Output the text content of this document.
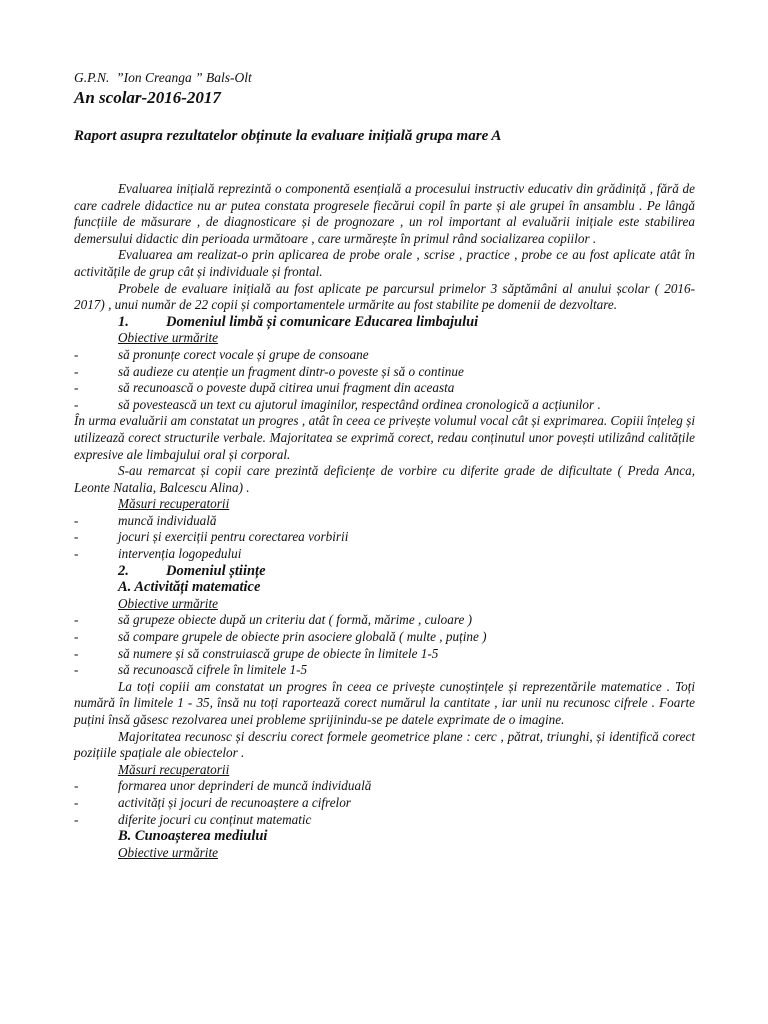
G.P.N.  ”Ion Creanga ” Bals-Olt
An scolar-2016-2017
Raport asupra rezultatelor obținute la evaluare inițială grupa mare A

Evaluarea inițială reprezintă o componentă esențială a procesului instructiv educativ din grădiniță , fără de care cadrele didactice nu ar putea constata progresele fiecărui copil în parte și ale grupei în ansamblu . Pe lângă funcțiile de măsurare , de diagnosticare și de prognozare , un rol important al evaluării inițiale este stabilirea demersului didactic din perioada următoare , care urmărește în primul rând socializarea copiilor .

Evaluarea am realizat-o prin aplicarea de probe orale , scrise , practice , probe ce au fost aplicate atât în activitățile de grup cât și individuale și frontal.

Probele de evaluare inițială au fost aplicate pe parcursul primelor 3 săptămâni al anului școlar ( 2016-2017) , unui număr de 22 copii și comportamentele urmărite au fost stabilite pe domenii de dezvoltare.

1.	Domeniul limbă și comunicare Educarea limbajului

Obiective urmărite

-	să pronunțe corect vocale și grupe de consoane
-	să audieze cu atenție un fragment dintr-o poveste și să o continue
-	să recunoască o poveste după citirea unui fragment din aceasta
-	să povestească un text cu ajutorul imaginilor, respectând ordinea cronologică a acțiunilor .

În urma evaluării am constatat un progres , atât în ceea ce privește volumul vocal cât și exprimarea. Copiii înțeleg și utilizează corect structurile verbale. Majoritatea se exprimă corect, redau conținutul unor povești utilizând calitățile expresive ale limbajului oral și corporal.

S-au remarcat și copii care prezintă deficiențe de vorbire cu diferite grade de dificultate ( Preda Anca, Leonte Natalia, Balcescu Alina) .

Măsuri recuperatorii

-	muncă individuală
-	jocuri și exerciții pentru corectarea vorbirii
-	intervenția logopedului
2.	Domeniul științe
A. Activități matematice

Obiective urmărite

-	să grupeze obiecte după un criteriu dat ( formă, mărime , culoare )
-	să compare grupele de obiecte prin asociere globală ( multe , puține )
-	să numere și să construiască grupe de obiecte în limitele 1-5
-	să recunoască cifrele în limitele 1-5

La toți copiii am constatat un progres în ceea ce privește cunoștințele și reprezentările matematice . Toți numără în limitele 1 - 35, însă nu toți raportează corect numărul la cantitate , iar unii nu recunosc cifrele . Foarte puțini însă găsesc rezolvarea unei probleme sprijinindu-se pe datele exprimate de o imagine.

Majoritatea recunosc și descriu corect formele geometrice plane : cerc , pătrat, triunghi, și identifică corect pozițiile spațiale ale obiectelor .

Măsuri recuperatorii

-	formarea unor deprinderi de muncă individuală
-	activități și jocuri de recunoaștere a cifrelor
-	diferite jocuri cu conținut matematic
B. Cunoașterea mediului

Obiective urmărite
